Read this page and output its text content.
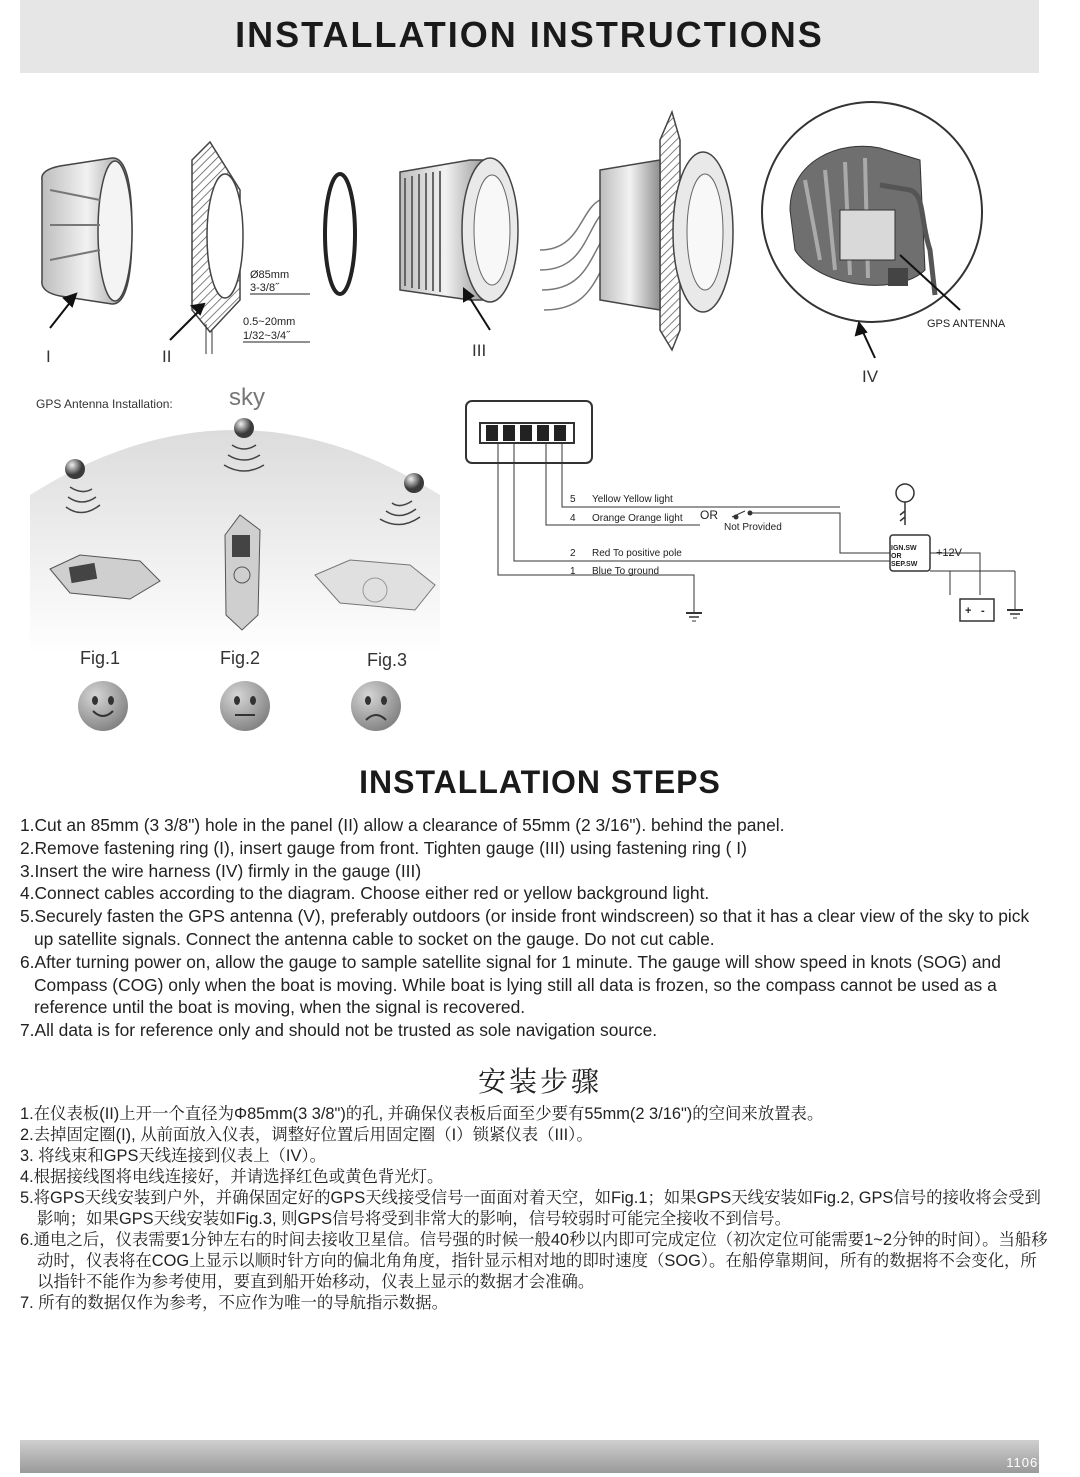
INSTALLATION INSTRUCTIONS
Ø85mm
3-3/8˝
0.5~20mm
1/32~3/4˝
GPS ANTENNA
I	II	III
IV
GPS Antenna Installation: sky
Fig.1	Fig.2	Fig.3
5 Yellow Yellow light
4 Orange Orange light
2 Red To positive pole
1 Blue To ground
OR
Not Provided
IGN.SW
OR
SEP.SW
+12V
+ -
INSTALLATION STEPS
1.Cut an 85mm (3 3/8") hole in the panel (II) allow a clearance of 55mm (2 3/16"). behind the panel.
2.Remove fastening ring (I), insert gauge from front. Tighten gauge (III) using fastening ring ( I)
3.Insert the wire harness (IV) firmly in the gauge (III)
4.Connect cables according to the diagram. Choose either red or yellow background light.
5.Securely fasten the GPS antenna (V), preferably outdoors (or inside front windscreen) so that it has a clear view of the sky to pick up satellite signals. Connect the antenna cable to socket on the gauge. Do not cut cable.
6.After turning power on, allow the gauge to sample satellite signal for 1 minute. The gauge will show speed in knots (SOG) and Compass (COG) only when the boat is moving. While boat is lying still all data is frozen, so the compass cannot be used as a reference until the boat is moving, when the signal is recovered.
7.All data is for reference only and should not be trusted as sole navigation source.
安装步骤
1.在仪表板(II)上开一个直径为Φ85mm(3 3/8")的孔, 并确保仪表板后面至少要有55mm(2 3/16")的空间来放置表。
2.去掉固定圈(I), 从前面放入仪表，调整好位置后用固定圈（I）锁紧仪表（III）。
3. 将线束和GPS天线连接到仪表上（IV）。
4.根据接线图将电线连接好，并请选择红色或黄色背光灯。
5.将GPS天线安装到户外，并确保固定好的GPS天线接受信号一面面对着天空，如Fig.1；如果GPS天线安装如Fig.2, GPS信号的接收将会受到影响；如果GPS天线安装如Fig.3, 则GPS信号将受到非常大的影响，信号较弱时可能完全接收不到信号。
6.通电之后，仪表需要1分钟左右的时间去接收卫星信。信号强的时候一般40秒以内即可完成定位（初次定位可能需要1~2分钟的时间）。当船移动时，仪表将在COG上显示以顺时针方向的偏北角角度，指针显示相对地的即时速度（SOG）。在船停靠期间，所有的数据将不会变化，所以指针不能作为参考使用，要直到船开始移动，仪表上显示的数据才会准确。
7. 所有的数据仅作为参考，不应作为唯一的导航指示数据。
1106-01
